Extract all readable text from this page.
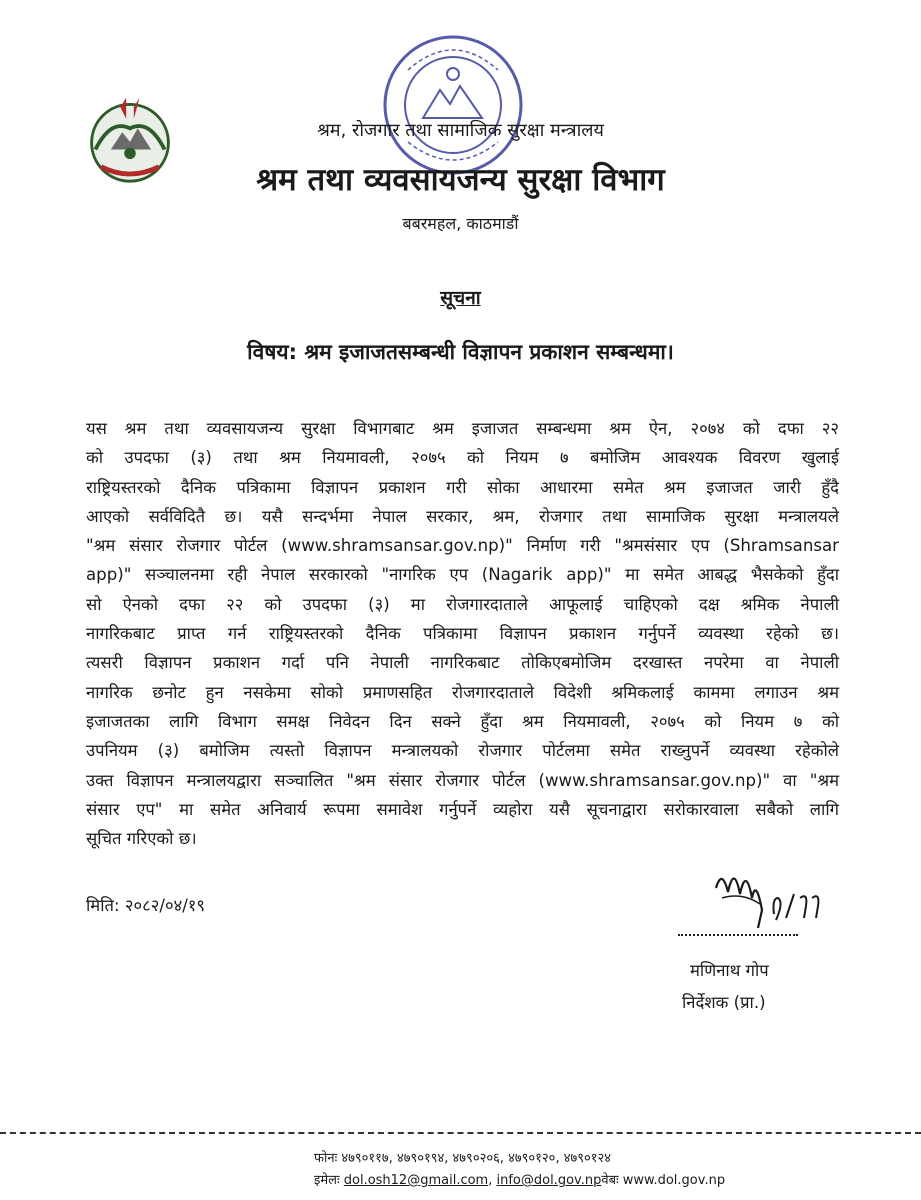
श्रम, रोजगार तथा सामाजिक सुरक्षा मन्त्रालय
श्रम तथा व्यवसायजन्य सुरक्षा विभाग
बबरमहल, काठमाडौं
सूचना
विषय: श्रम इजाजतसम्बन्धी विज्ञापन प्रकाशन सम्बन्धमा।
यस श्रम तथा व्यवसायजन्य सुरक्षा विभागबाट श्रम इजाजत सम्बन्धमा श्रम ऐन, २०७४ को दफा २२
को उपदफा (३) तथा श्रम नियमावली, २०७५ को नियम ७ बमोजिम आवश्यक विवरण खुलाई
राष्ट्रियस्तरको दैनिक पत्रिकामा विज्ञापन प्रकाशन गरी सोका आधारमा समेत श्रम इजाजत जारी हुँदै
आएको सर्वविदितै छ। यसै सन्दर्भमा नेपाल सरकार, श्रम, रोजगार तथा सामाजिक सुरक्षा मन्त्रालयले
"श्रम संसार रोजगार पोर्टल (www.shramsansar.gov.np)" निर्माण गरी "श्रमसंसार एप (Shramsansar
app)" सञ्चालनमा रही नेपाल सरकारको "नागरिक एप (Nagarik app)" मा समेत आबद्ध भैसकेको हुँदा
सो ऐनको दफा २२ को उपदफा (३) मा रोजगारदाताले आफूलाई चाहिएको दक्ष श्रमिक नेपाली
नागरिकबाट प्राप्त गर्न राष्ट्रियस्तरको दैनिक पत्रिकामा विज्ञापन प्रकाशन गर्नुपर्ने व्यवस्था रहेको छ।
त्यसरी विज्ञापन प्रकाशन गर्दा पनि नेपाली नागरिकबाट तोकिएबमोजिम दरखास्त नपरेमा वा नेपाली
नागरिक छनोट हुन नसकेमा सोको प्रमाणसहित रोजगारदाताले विदेशी श्रमिकलाई काममा लगाउन श्रम
इजाजतका लागि विभाग समक्ष निवेदन दिन सक्ने हुँदा श्रम नियमावली, २०७५ को नियम ७ को
उपनियम (३) बमोजिम त्यस्तो विज्ञापन मन्त्रालयको रोजगार पोर्टलमा समेत राख्नुपर्ने व्यवस्था रहेकोले
उक्त विज्ञापन मन्त्रालयद्वारा सञ्चालित "श्रम संसार रोजगार पोर्टल (www.shramsansar.gov.np)" वा "श्रम
संसार एप" मा समेत अनिवार्य रूपमा समावेश गर्नुपर्ने व्यहोरा यसै सूचनाद्वारा सरोकारवाला सबैको लागि
सूचित गरिएको छ।
मिति: २०८२/०४/१९
मणिनाथ गोप
निर्देशक (प्रा.)
फोनः ४७९०११७, ४७९०१९४, ४७९०२०६, ४७९०१२०, ४७९०१२४
इमेलः dol.osh12@gmail.com, info@dol.gov.npवेबः www.dol.gov.np
